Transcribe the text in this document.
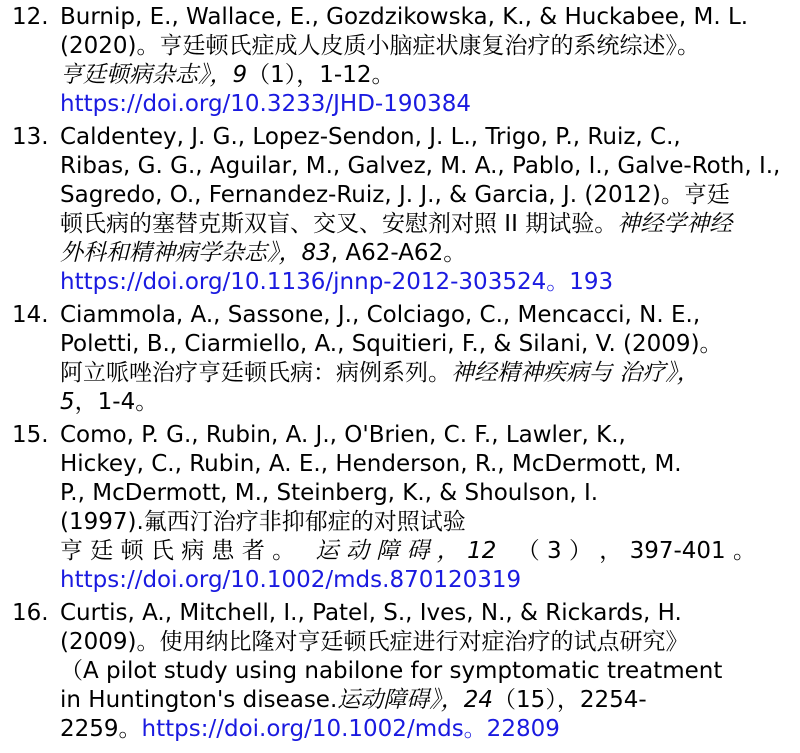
12. Burnip, E., Wallace, E., Gozdzikowska, K., & Huckabee, M. L.
(2020)。亨廷顿氏症成人皮质小脑症状康复治疗的系统综述》。
亨廷顿病杂志》，9（1），1-12。
https://doi.org/10.3233/JHD-190384
13. Caldentey, J. G., Lopez-Sendon, J. L., Trigo, P., Ruiz, C.,
Ribas, G. G., Aguilar, M., Galvez, M. A., Pablo, I., Galve-Roth, I.,
Sagredo, O., Fernandez-Ruiz, J. J., & Garcia, J. (2012)。亨廷
顿氏病的塞替克斯双盲、交叉、安慰剂对照 II 期试验。神经学神经
外科和精神病学杂志》，83, A62-A62。
https://doi.org/10.1136/jnnp-2012-303524。193
14. Ciammola, A., Sassone, J., Colciago, C., Mencacci, N. E.,
Poletti, B., Ciarmiello, A., Squitieri, F., & Silani, V. (2009)。
阿立哌唑治疗亨廷顿氏病：病例系列。神经精神疾病与 治疗》，
5，1-4。
15. Como, P. G., Rubin, A. J., O'Brien, C. F., Lawler, K.,
Hickey, C., Rubin, A. E., Henderson, R., McDermott, M.
P., McDermott, M., Steinberg, K., & Shoulson, I.
(1997).氟西汀治疗非抑郁症的对照试验
亨 廷 顿 氏 病 患 者 。 运 动 障 碍 ， 12 （ 3 ） ， 397-401 。
https://doi.org/10.1002/mds.870120319
16. Curtis, A., Mitchell, I., Patel, S., Ives, N., & Rickards, H.
(2009)。使用纳比隆对亨廷顿氏症进行对症治疗的试点研究》
（A pilot study using nabilone for symptomatic treatment
in Huntington's disease.运动障碍》，24（15），2254-
2259。https://doi.org/10.1002/mds。22809
